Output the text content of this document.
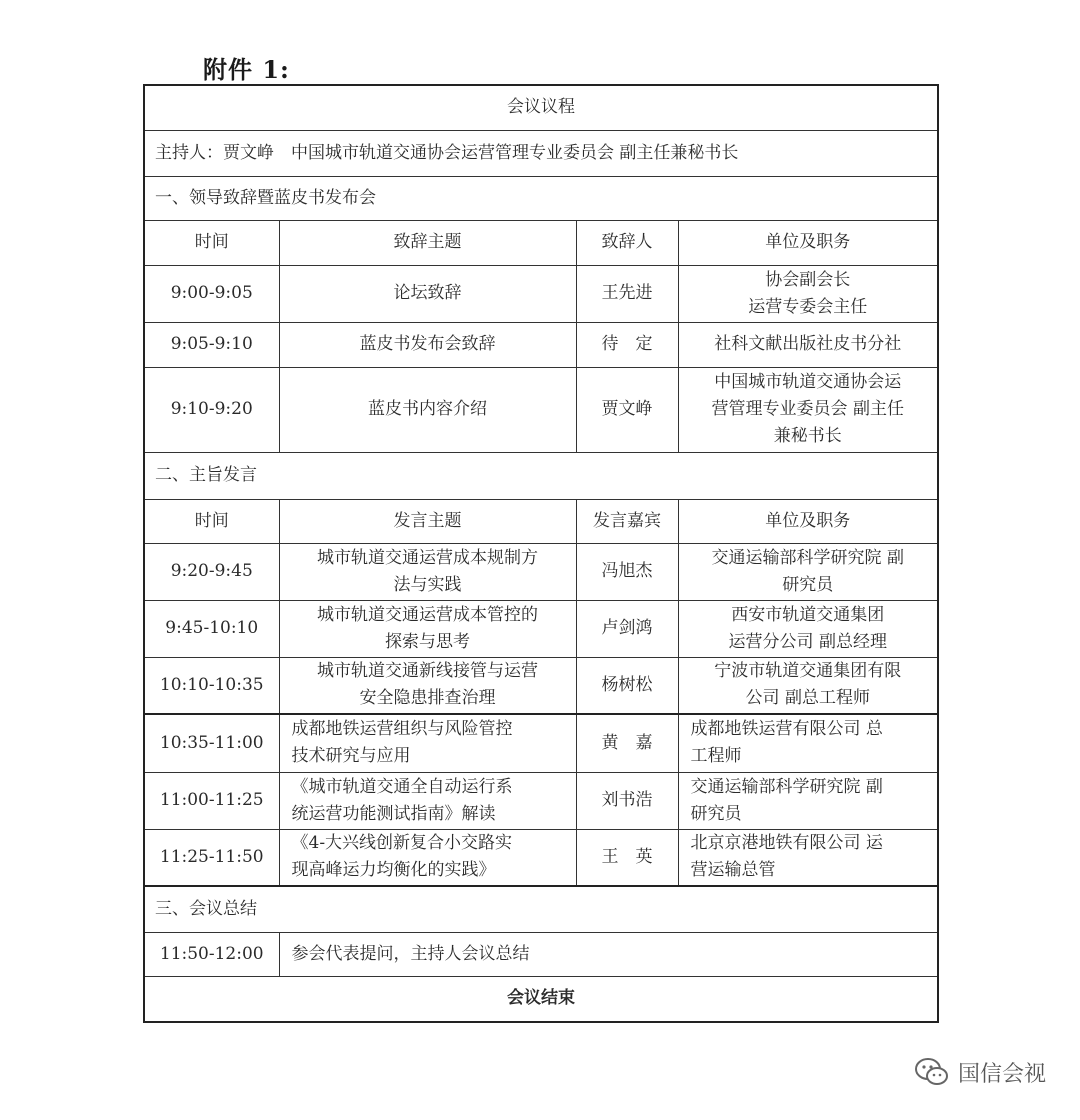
附件 1:
会议议程			
主持人：贾文峥　中国城市轨道交通协会运营管理专业委员会 副主任兼秘书长			
一、领导致辞暨蓝皮书发布会			
时间	致辞主题	致辞人	单位及职务
9:00-9:05	论坛致辞	王先进	协会副会长
运营专委会主任
9:05-9:10	蓝皮书发布会致辞	待　定	社科文献出版社皮书分社
9:10-9:20	蓝皮书内容介绍	贾文峥	中国城市轨道交通协会运
营管理专业委员会 副主任
兼秘书长
二、主旨发言			
时间	发言主题	发言嘉宾	单位及职务
9:20-9:45	城市轨道交通运营成本规制方
法与实践	冯旭杰	交通运输部科学研究院 副
研究员
9:45-10:10	城市轨道交通运营成本管控的
探索与思考	卢剑鸿	西安市轨道交通集团
运营分公司 副总经理
10:10-10:35	城市轨道交通新线接管与运营
安全隐患排查治理	杨树松	宁波市轨道交通集团有限
公司 副总工程师
10:35-11:00	成都地铁运营组织与风险管控
技术研究与应用	黄　嘉	成都地铁运营有限公司 总
工程师
11:00-11:25	《城市轨道交通全自动运行系
统运营功能测试指南》解读	刘书浩	交通运输部科学研究院 副
研究员
11:25-11:50	《4-大兴线创新复合小交路实
现高峰运力均衡化的实践》	王　英	北京京港地铁有限公司 运
营运输总管
三、会议总结			
11:50-12:00	参会代表提问，主持人会议总结		
会议结束			
国信会视
